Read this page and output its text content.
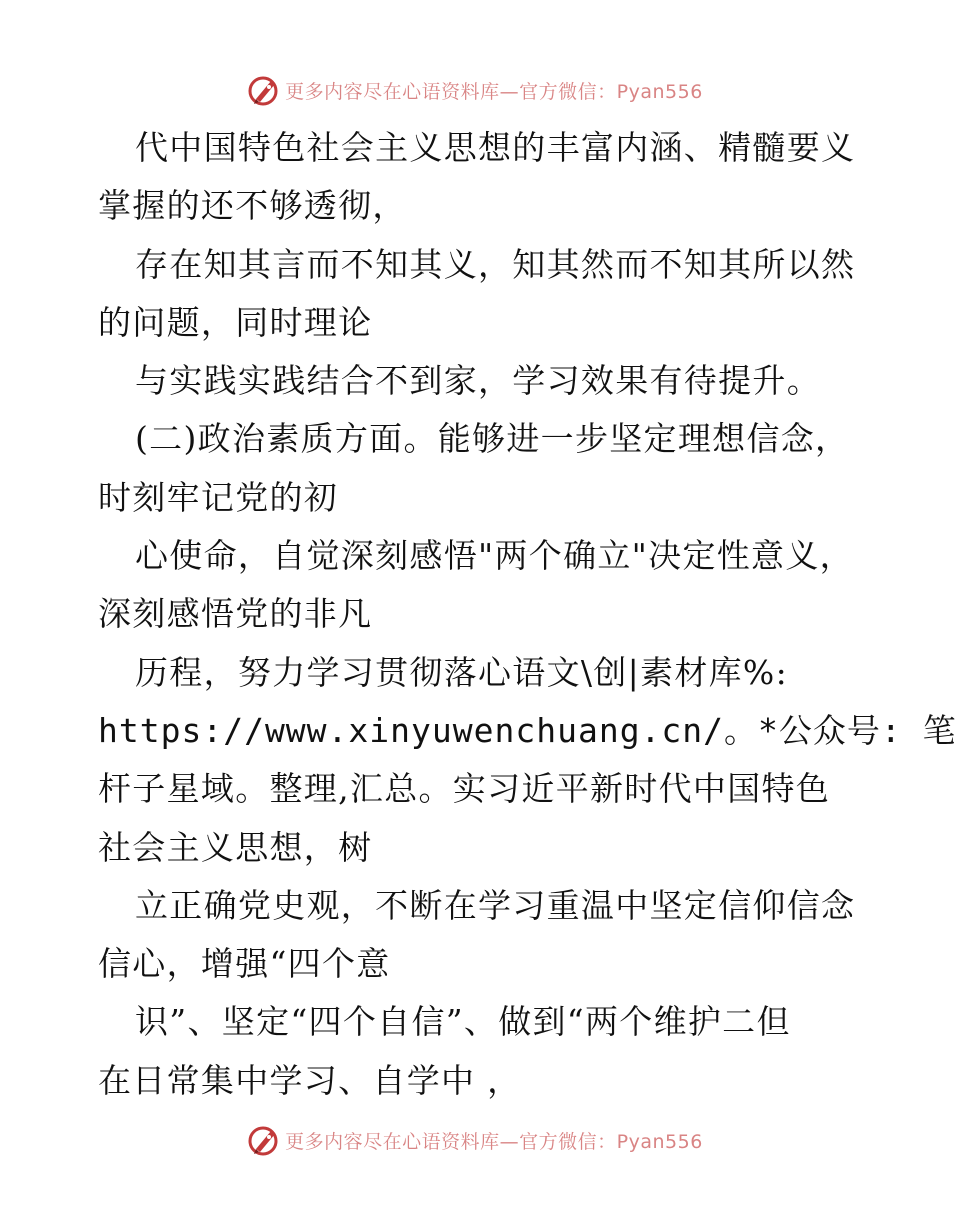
更多内容尽在心语资料库—官方微信：Pyan556
代中国特色社会主义思想的丰富内涵、精髓要义
掌握的还不够透彻，
存在知其言而不知其义，知其然而不知其所以然
的问题，同时理论
与实践实践结合不到家，学习效果有待提升。
(二)政治素质方面。能够进一步坚定理想信念，
时刻牢记党的初
心使命，自觉深刻感悟"两个确立"决定性意义，
深刻感悟党的非凡
历程，努力学习贯彻落心语文\创|素材库%:
https://www.xinyuwenchuang.cn/。*公众号: 笔
杆子星域。整理,汇总。实习近平新时代中国特色
社会主义思想，树
立正确党史观，不断在学习重温中坚定信仰信念
信心，增强“四个意
识”、坚定“四个自信”、做到“两个维护二但
在日常集中学习、自学中 ，
更多内容尽在心语资料库—官方微信：Pyan556
